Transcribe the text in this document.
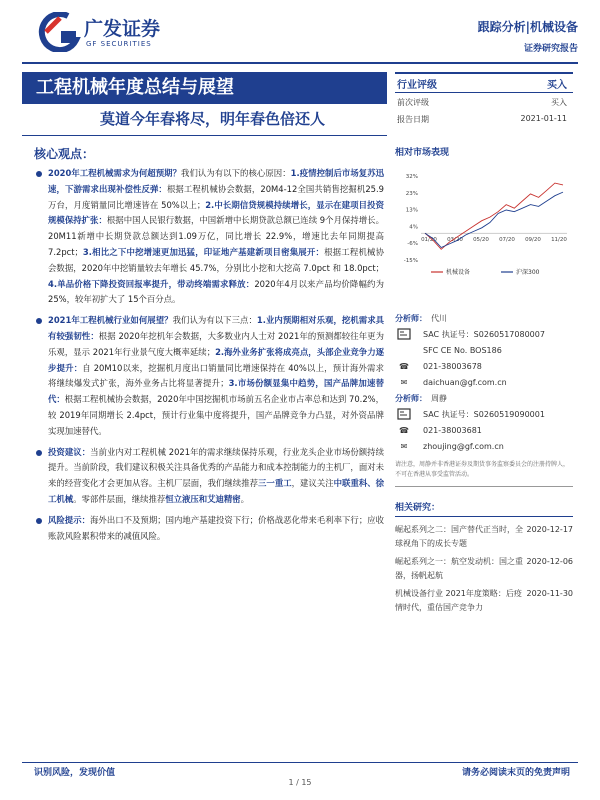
广发证券
GF SECURITIES
跟踪分析|机械设备
证券研究报告
工程机械年度总结与展望
莫道今年春将尽，明年春色倍还人
核心观点：

2020年工程机械需求为何超预期？我们认为有以下的核心原因：1.疫情控制后市场复苏迅速，下游需求出现补偿性反弹：根据工程机械协会数据，20M4-12全国共销售挖掘机25.9万台，月度销量同比增速皆在 50%以上；2.中长期信贷规模持续增长，显示在建项目投资规模保持扩张：根据中国人民银行数据，中国新增中长期贷款总额已连续 9个月保持增长。20M11新增中长期贷款总额达到1.09万亿，同比增长 22.9%，增速比去年同期提高 7.2pct；3.相比之下中挖增速更加迅猛，印证地产基建新项目密集展开：根据工程机械协会数据，2020年中挖销量较去年增长 45.7%，分别比小挖和大挖高 7.0pct 和 18.0pct；4.单品价格下降投资回报率提升，带动终端需求释放：2020年4月以来产品均价降幅约为 25%，较年初扩大了 15个百分点。

2021年工程机械行业如何展望？我们认为有以下三点：1.业内预期相对乐观，挖机需求具有较强韧性：根据 2020年挖机年会数据，大多数业内人士对 2021年的预测都较往年更为乐观，显示 2021年行业景气度大概率延续；2.海外业务扩张将成亮点，头部企业竞争力逐步提升：自 20M10以来，挖掘机月度出口销量同比增速保持在 40%以上，预计海外需求将继续爆发式扩张，海外业务占比将显著提升；3.市场份额显集中趋势，国产品牌加速替代：根据工程机械协会数据，2020年中国挖掘机市场前五名企业市占率总和达到 70.2%，较 2019年同期增长 2.4pct，预计行业集中度将提升，国产品牌竞争力凸显，对外资品牌实现加速替代。

投资建议：当前业内对工程机械 2021年的需求继续保持乐观，行业龙头企业市场份额持续提升。当前阶段，我们建议积极关注具备优秀的产品能力和成本控制能力的主机厂，面对未来的经营变化才会更加从容。主机厂层面，我们继续推荐三一重工，建议关注中联重科、徐工机械。零部件层面，继续推荐恒立液压和艾迪精密。

风险提示：海外出口不及预期；国内地产基建投资下行；价格战恶化带来毛利率下行；应收账款风险累积带来的减值风险。

行业评级	买入
前次评级	买入
报告日期	2021-01-11
相对市场表现
32%
23%
13%
4%
-6%
-15%
01/20 03/20 05/20 07/20 09/20 11/20
机械设备	沪深300
分析师： 代川
SAC 执证号：S0260517080007
SFC CE No. BOS186
☎	021-38003678
✉	daichuan@gf.com.cn
分析师： 周静
SAC 执证号：S0260519090001
☎	021-38003681
✉	zhoujing@gf.com.cn
请注意，周静并非香港证券及期货事务监察委员会的注册持牌人，不可在香港从事受监管活动。
相关研究：
崛起系列之二：国产替代正当时，全球视角下的成长专题
2020-12-17
崛起系列之一：航空发动机：国之重器，扬帆起航
2020-12-06
机械设备行业 2021年度策略：后疫情时代，重估国产竞争力
2020-11-30
识别风险，发现价值	请务必阅读末页的免责声明
1 / 15
